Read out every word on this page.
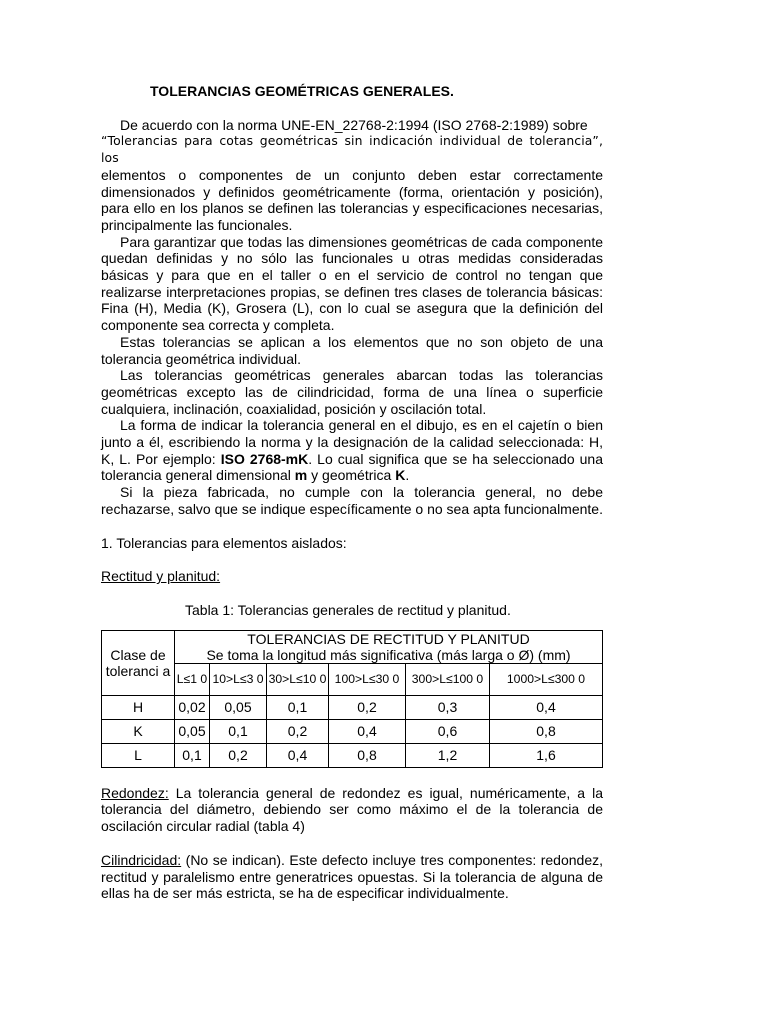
TOLERANCIAS GEOMÉTRICAS GENERALES.

De acuerdo con la norma UNE-EN_22768-2:1994 (ISO 2768-2:1989) sobre

“Tolerancias para cotas geométricas sin indicación individual de tolerancia”, los

elementos o componentes de un conjunto deben estar correctamente dimensionados y definidos geométricamente (forma, orientación y posición), para ello en los planos se definen las tolerancias y especificaciones necesarias, principalmente las funcionales.

Para garantizar que todas las dimensiones geométricas de cada componente quedan definidas y no sólo las funcionales u otras medidas consideradas básicas y para que en el taller o en el servicio de control no tengan que realizarse interpretaciones propias, se definen tres clases de tolerancia básicas: Fina (H), Media (K), Grosera (L), con lo cual se asegura que la definición del componente sea correcta y completa.

Estas tolerancias se aplican a los elementos que no son objeto de una tolerancia geométrica individual.

Las tolerancias geométricas generales abarcan todas las tolerancias geométricas excepto las de cilindricidad, forma de una línea o superficie cualquiera, inclinación, coaxialidad, posición y oscilación total.

La forma de indicar la tolerancia general en el dibujo, es en el cajetín o bien junto a él, escribiendo la norma y la designación de la calidad seleccionada: H, K, L. Por ejemplo: ISO 2768-mK. Lo cual significa que se ha seleccionado una tolerancia general dimensional m y geométrica K.

Si la pieza fabricada, no cumple con la tolerancia general, no debe rechazarse, salvo que se indique específicamente o no sea apta funcionalmente.

1. Tolerancias para elementos aislados:

Rectitud y planitud:

Tabla 1: Tolerancias generales de rectitud y planitud.

Clase de toleranci a	TOLERANCIAS DE RECTITUD Y PLANITUD
Se toma la longitud más significativa (más larga o Ø) (mm)					

	L≤1 0	10>L≤3 0	30>L≤10 0	100>L≤30 0	300>L≤100 0	1000>L≤300 0
H	0,02	0,05	0,1	0,2	0,3	0,4
K	0,05	0,1	0,2	0,4	0,6	0,8
L	0,1	0,2	0,4	0,8	1,2	1,6

Redondez: La tolerancia general de redondez es igual, numéricamente, a la tolerancia del diámetro, debiendo ser como máximo el de la tolerancia de oscilación circular radial (tabla 4)

Cilindricidad: (No se indican). Este defecto incluye tres componentes: redondez, rectitud y paralelismo entre generatrices opuestas. Si la tolerancia de alguna de ellas ha de ser más estricta, se ha de especificar individualmente.
